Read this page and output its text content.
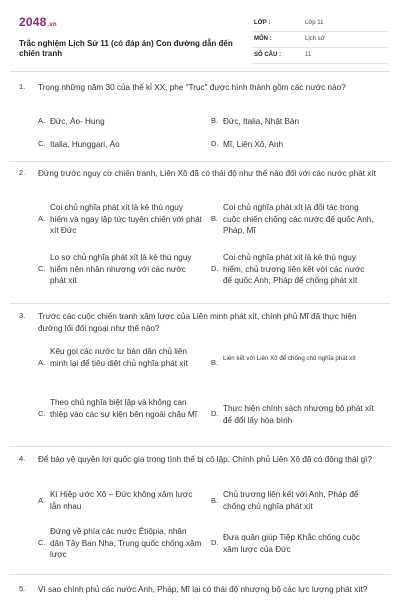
2048.vn
Trắc nghiệm Lịch Sử 11 (có đáp án) Con đường dẫn đến chiến tranh
LỚP :	Lớp 11
MÔN :	Lịch sử
SỐ CÂU :	11
1. Trong những năm 30 của thế kỉ XX, phe "Trục" được hình thành gồm các nước nào?
A. Đức, Áo- Hung	B. Đức, Italia, Nhật Bản
C. Italia, Hunggari, Áo	D. Mĩ, Liên Xô, Anh
2. Đứng trước nguy cơ chiến tranh, Liên Xô đã có thái độ như thế nào đối với các nước phát xít
A.
Coi chủ nghĩa phát xít là kẻ thù nguy hiểm và ngay lập tức tuyên chiến với phát xít Đức
B.
Coi chủ nghĩa phát xít là đối tác trong cuộc chiến chống các nước đế quốc Anh, Pháp, Mĩ
C.
Lo sợ chủ nghĩa phát xít là kẻ thù nguy hiểm nên nhân nhượng với các nước phát xít
D.
Coi chủ nghĩa phát xít là kẻ thù nguy hiểm, chủ trương liên kết với các nước đế quốc Anh, Pháp để chống phát xít
3. Trước các cuộc chiến tranh xâm lược của Liên minh phát xít, chính phủ Mĩ đã thực hiện đường lối đối ngoại như thế nào?
A.
Kêu gọi các nước tư bản dân chủ liên minh lại để tiêu diệt chủ nghĩa phát xít	B. Liên kết với Liên Xô để chống chủ nghĩa phát xít
C.
Theo chủ nghĩa biệt lập và không can thiệp vào các sự kiện bên ngoài châu Mĩ	D.
Thực hiện chính sách nhượng bộ phát xít để đổi lấy hòa bình
4. Để bảo vệ quyền lợi quốc gia trong tình thế bị cô lập, Chính phủ Liên Xô đã có động thái gì?
A.
Kí Hiệp ước Xô – Đức không xâm lược lẫn nhau
B.
Chủ trương liên kết với Anh, Pháp để chống chủ nghĩa phát xít
C.
Đứng về phía các nước Êtiôpia, nhân dân Tây Ban Nha, Trung quốc chống xâm lược
D.
Đưa quân giúp Tiệp Khắc chống cuộc xâm lược của Đức
5. Vì sao chính phủ các nước Anh, Pháp, Mĩ lại có thái độ nhượng bộ các lực lượng phát xít?
